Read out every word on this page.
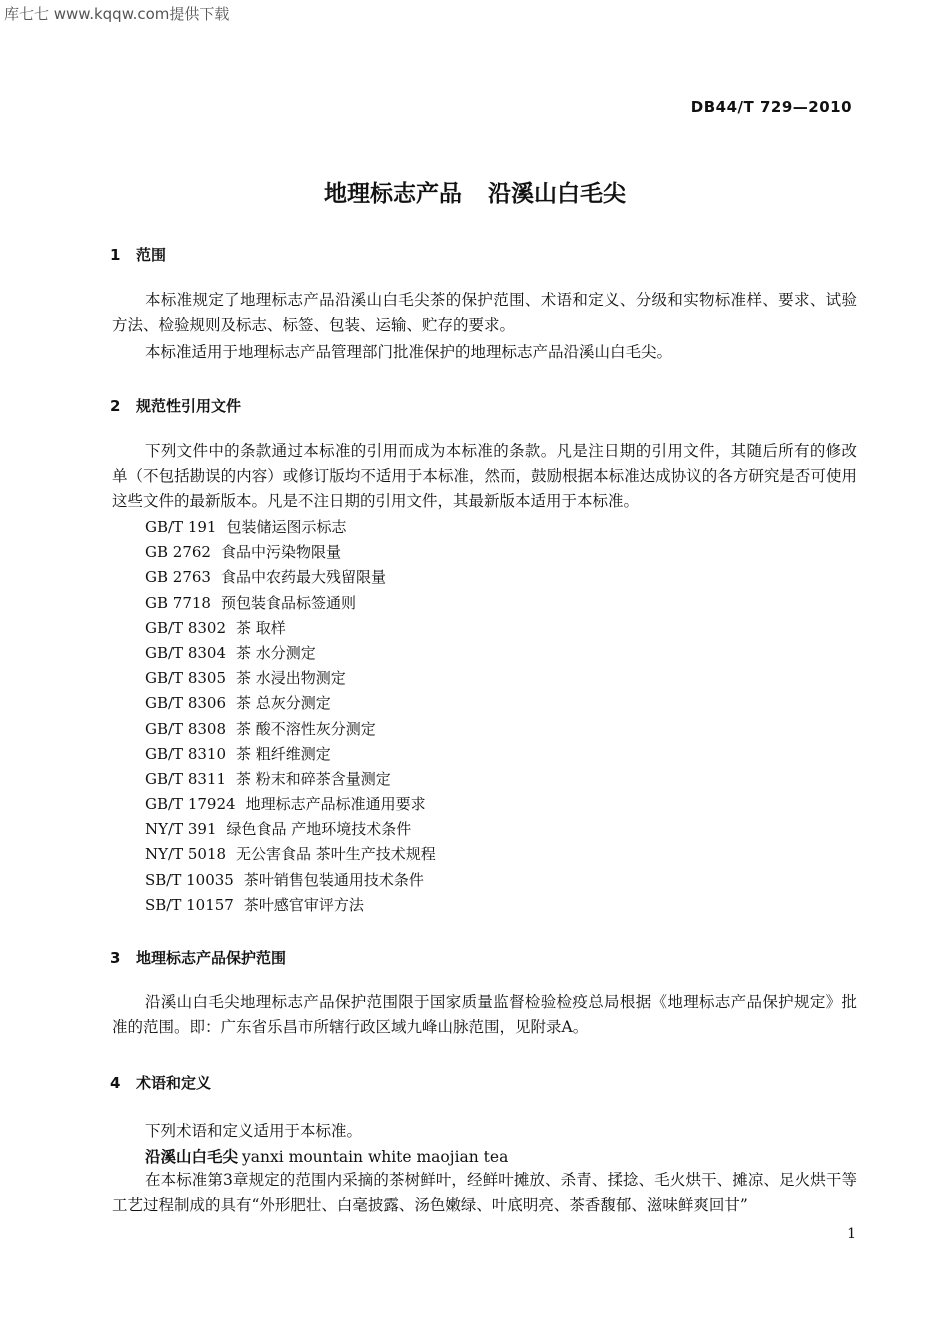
库七七 www.kqqw.com提供下载
DB44/T 729—2010
地理标志产品 沿溪山白毛尖
1 范围
本标准规定了地理标志产品沿溪山白毛尖茶的保护范围、术语和定义、分级和实物标准样、要求、试验方法、检验规则及标志、标签、包装、运输、贮存的要求。
本标准适用于地理标志产品管理部门批准保护的地理标志产品沿溪山白毛尖。
2 规范性引用文件
下列文件中的条款通过本标准的引用而成为本标准的条款。凡是注日期的引用文件，其随后所有的修改单（不包括勘误的内容）或修订版均不适用于本标准，然而，鼓励根据本标准达成协议的各方研究是否可使用这些文件的最新版本。凡是不注日期的引用文件，其最新版本适用于本标准。
GB/T 191 包装储运图示标志
GB 2762 食品中污染物限量
GB 2763 食品中农药最大残留限量
GB 7718 预包装食品标签通则
GB/T 8302 茶 取样
GB/T 8304 茶 水分测定
GB/T 8305 茶 水浸出物测定
GB/T 8306 茶 总灰分测定
GB/T 8308 茶 酸不溶性灰分测定
GB/T 8310 茶 粗纤维测定
GB/T 8311 茶 粉末和碎茶含量测定
GB/T 17924 地理标志产品标准通用要求
NY/T 391 绿色食品 产地环境技术条件
NY/T 5018 无公害食品 茶叶生产技术规程
SB/T 10035 茶叶销售包装通用技术条件
SB/T 10157 茶叶感官审评方法
3 地理标志产品保护范围
沿溪山白毛尖地理标志产品保护范围限于国家质量监督检验检疫总局根据《地理标志产品保护规定》批准的范围。即：广东省乐昌市所辖行政区域九峰山脉范围，见附录A。
4 术语和定义
下列术语和定义适用于本标准。
沿溪山白毛尖 yanxi mountain white maojian tea
在本标准第3章规定的范围内采摘的茶树鲜叶，经鲜叶摊放、杀青、揉捻、毛火烘干、摊凉、足火烘干等工艺过程制成的具有“外形肥壮、白毫披露、汤色嫩绿、叶底明亮、茶香馥郁、滋味鲜爽回甘”
1
